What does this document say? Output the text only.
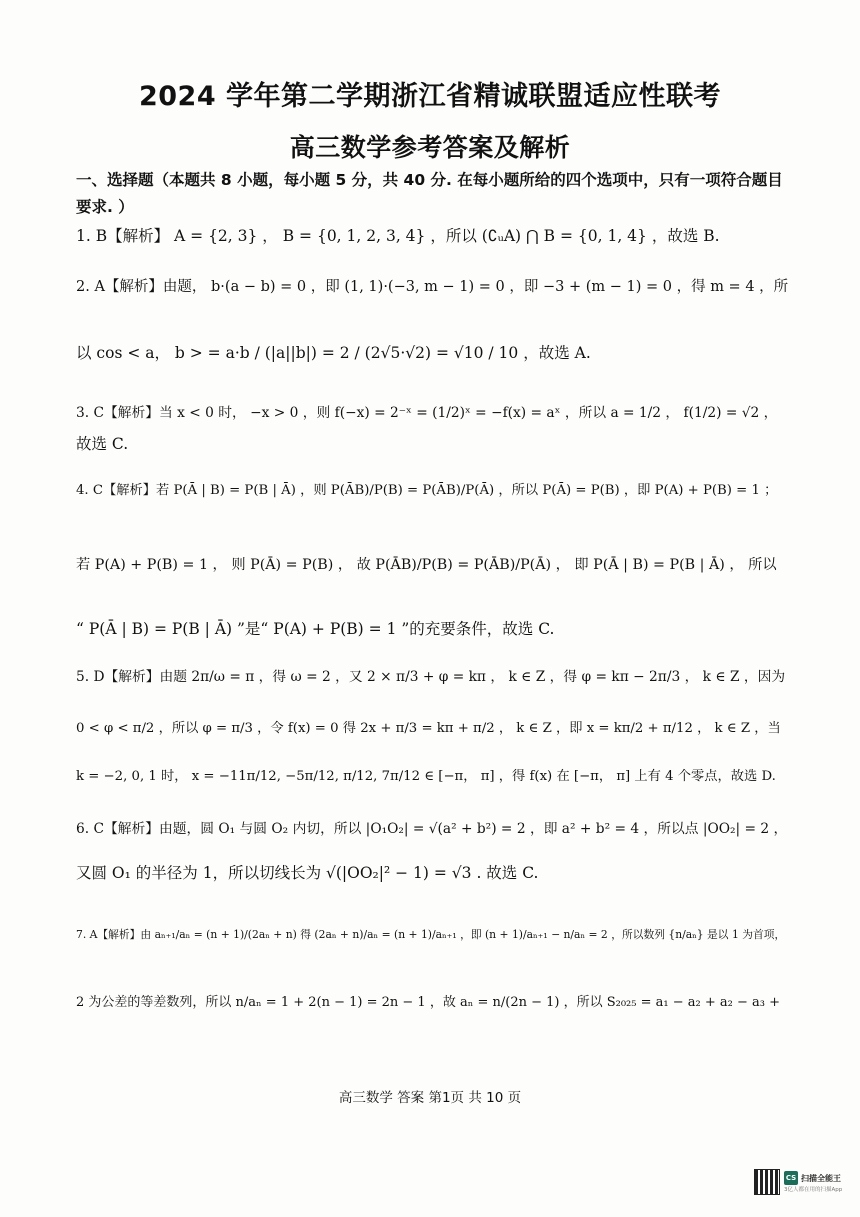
2024 学年第二学期浙江省精诚联盟适应性联考
高三数学参考答案及解析
一、选择题（本题共 8 小题，每小题 5 分，共 40 分. 在每小题所给的四个选项中，只有一项符合题目要求. ）
1. B【解析】 A = {2, 3} ， B = {0, 1, 2, 3, 4} ，所以 (∁ᵤA) ⋂ B = {0, 1, 4} ，故选 B.
2. A【解析】由题， b·(a − b) = 0 ，即 (1, 1)·(−3, m − 1) = 0 ，即 −3 + (m − 1) = 0 ，得 m = 4 ，所
以 cos < a， b > = a·b / (|a||b|) = 2 / (2√5·√2) = √10 / 10 ，故选 A.
3. C【解析】当 x < 0 时， −x > 0 ，则 f(−x) = 2⁻ˣ = (1/2)ˣ = −f(x) = aˣ ，所以 a = 1/2 ， f(1/2) = √2 ，
故选 C.
4. C【解析】若 P(Ā | B) = P(B | Ā) ，则 P(ĀB)/P(B) = P(ĀB)/P(Ā) ，所以 P(Ā) = P(B) ，即 P(A) + P(B) = 1 ；
若 P(A) + P(B) = 1 ， 则 P(Ā) = P(B) ， 故 P(ĀB)/P(B) = P(ĀB)/P(Ā) ， 即 P(Ā | B) = P(B | Ā) ， 所以
“ P(Ā | B) = P(B | Ā) ”是“ P(A) + P(B) = 1 ”的充要条件，故选 C.
5. D【解析】由题 2π/ω = π ，得 ω = 2 ，又 2 × π/3 + φ = kπ ， k ∈ Z ，得 φ = kπ − 2π/3 ， k ∈ Z ，因为
0 < φ < π/2 ，所以 φ = π/3 ，令 f(x) = 0 得 2x + π/3 = kπ + π/2 ， k ∈ Z ，即 x = kπ/2 + π/12 ， k ∈ Z ，当
k = −2, 0, 1 时， x = −11π/12, −5π/12, π/12, 7π/12 ∈ [−π， π] ，得 f(x) 在 [−π， π] 上有 4 个零点，故选 D.
6. C【解析】由题，圆 O₁ 与圆 O₂ 内切，所以 |O₁O₂| = √(a² + b²) = 2 ，即 a² + b² = 4 ，所以点 |OO₂| = 2 ，
又圆 O₁ 的半径为 1，所以切线长为 √(|OO₂|² − 1) = √3 . 故选 C.
7. A【解析】由 aₙ₊₁/aₙ = (n + 1)/(2aₙ + n) 得 (2aₙ + n)/aₙ = (n + 1)/aₙ₊₁ ，即 (n + 1)/aₙ₊₁ − n/aₙ = 2 ，所以数列 {n/aₙ} 是以 1 为首项，
2 为公差的等差数列，所以 n/aₙ = 1 + 2(n − 1) = 2n − 1 ，故 aₙ = n/(2n − 1) ，所以 S₂₀₂₅ = a₁ − a₂ + a₂ − a₃ +
高三数学 答案 第1页 共 10 页
CS 扫描全能王
3亿人都在用的扫描App
